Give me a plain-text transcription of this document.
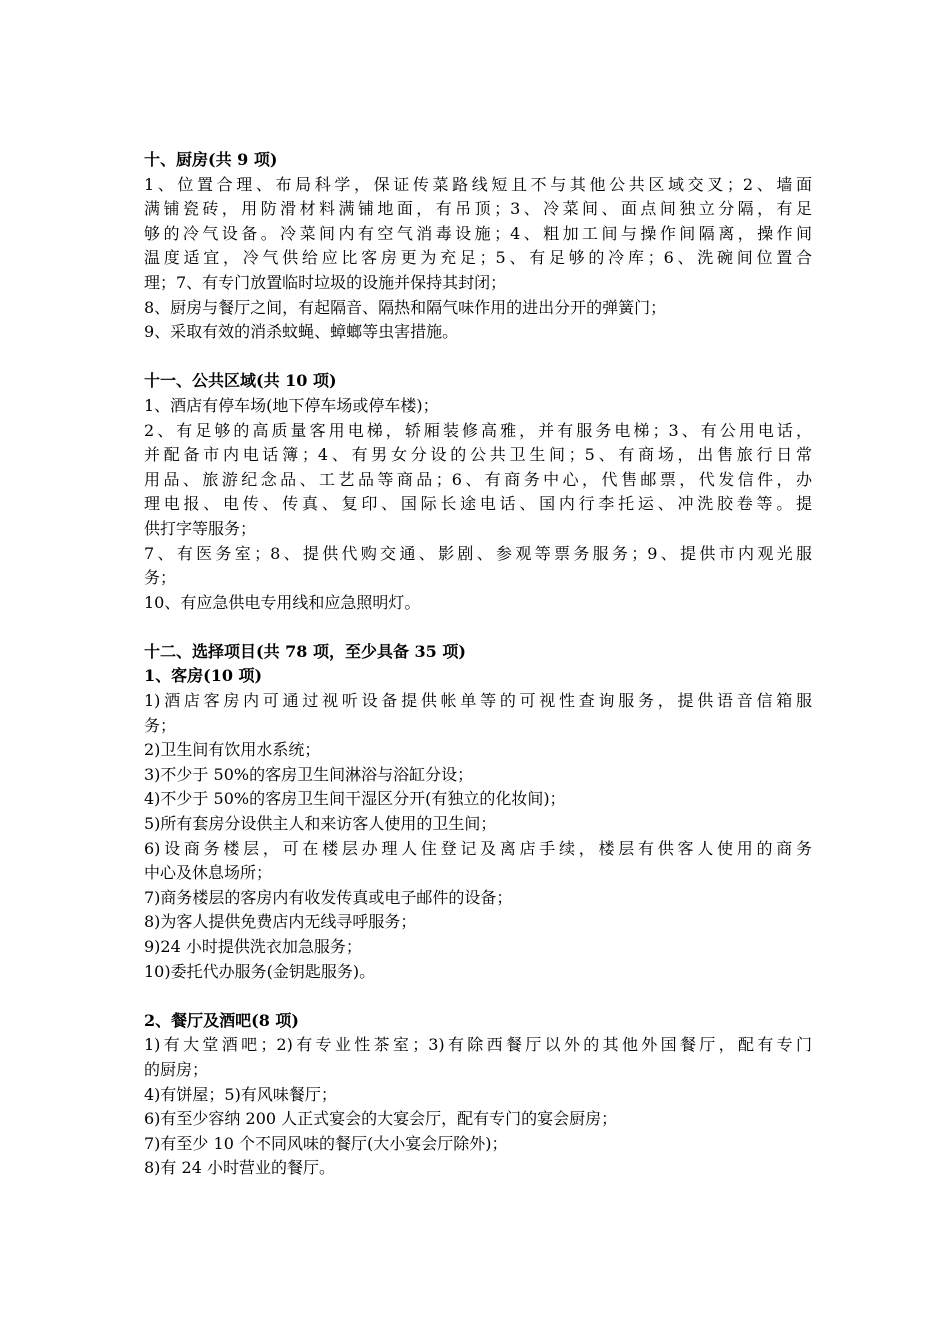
十、厨房(共 9 项)
1、位置合理、布局科学，保证传菜路线短且不与其他公共区域交叉；2、墙面
满铺瓷砖，用防滑材料满铺地面，有吊顶；3、冷菜间、面点间独立分隔，有足
够的冷气设备。冷菜间内有空气消毒设施；4、粗加工间与操作间隔离，操作间
温度适宜，冷气供给应比客房更为充足；5、有足够的冷库；6、洗碗间位置合
理；7、有专门放置临时垃圾的设施并保持其封闭；
8、厨房与餐厅之间，有起隔音、隔热和隔气味作用的进出分开的弹簧门；
9、采取有效的消杀蚊蝇、蟑螂等虫害措施。
十一、公共区域(共 10 项)
1、酒店有停车场(地下停车场或停车楼)；
2、有足够的高质量客用电梯，轿厢装修高雅，并有服务电梯；3、有公用电话，
并配备市内电话簿；4、有男女分设的公共卫生间；5、有商场，出售旅行日常
用品、旅游纪念品、工艺品等商品；6、有商务中心，代售邮票，代发信件，办
理电报、电传、传真、复印、国际长途电话、国内行李托运、冲洗胶卷等。提
供打字等服务；
7、有医务室；8、提供代购交通、影剧、参观等票务服务；9、提供市内观光服
务；
10、有应急供电专用线和应急照明灯。
十二、选择项目(共 78 项，至少具备 35 项)
1、客房(10 项)
1)酒店客房内可通过视听设备提供帐单等的可视性查询服务，提供语音信箱服
务；
2)卫生间有饮用水系统；
3)不少于 50%的客房卫生间淋浴与浴缸分设；
4)不少于 50%的客房卫生间干湿区分开(有独立的化妆间)；
5)所有套房分设供主人和来访客人使用的卫生间；
6)设商务楼层，可在楼层办理人住登记及离店手续，楼层有供客人使用的商务
中心及休息场所；
7)商务楼层的客房内有收发传真或电子邮件的设备；
8)为客人提供免费店内无线寻呼服务；
9)24 小时提供洗衣加急服务；
10)委托代办服务(金钥匙服务)。
2、餐厅及酒吧(8 项)
1)有大堂酒吧；2)有专业性茶室；3)有除西餐厅以外的其他外国餐厅，配有专门
的厨房；
4)有饼屋；5)有风味餐厅；
6)有至少容纳 200 人正式宴会的大宴会厅，配有专门的宴会厨房；
7)有至少 10 个不同风味的餐厅(大小宴会厅除外)；
8)有 24 小时营业的餐厅。
